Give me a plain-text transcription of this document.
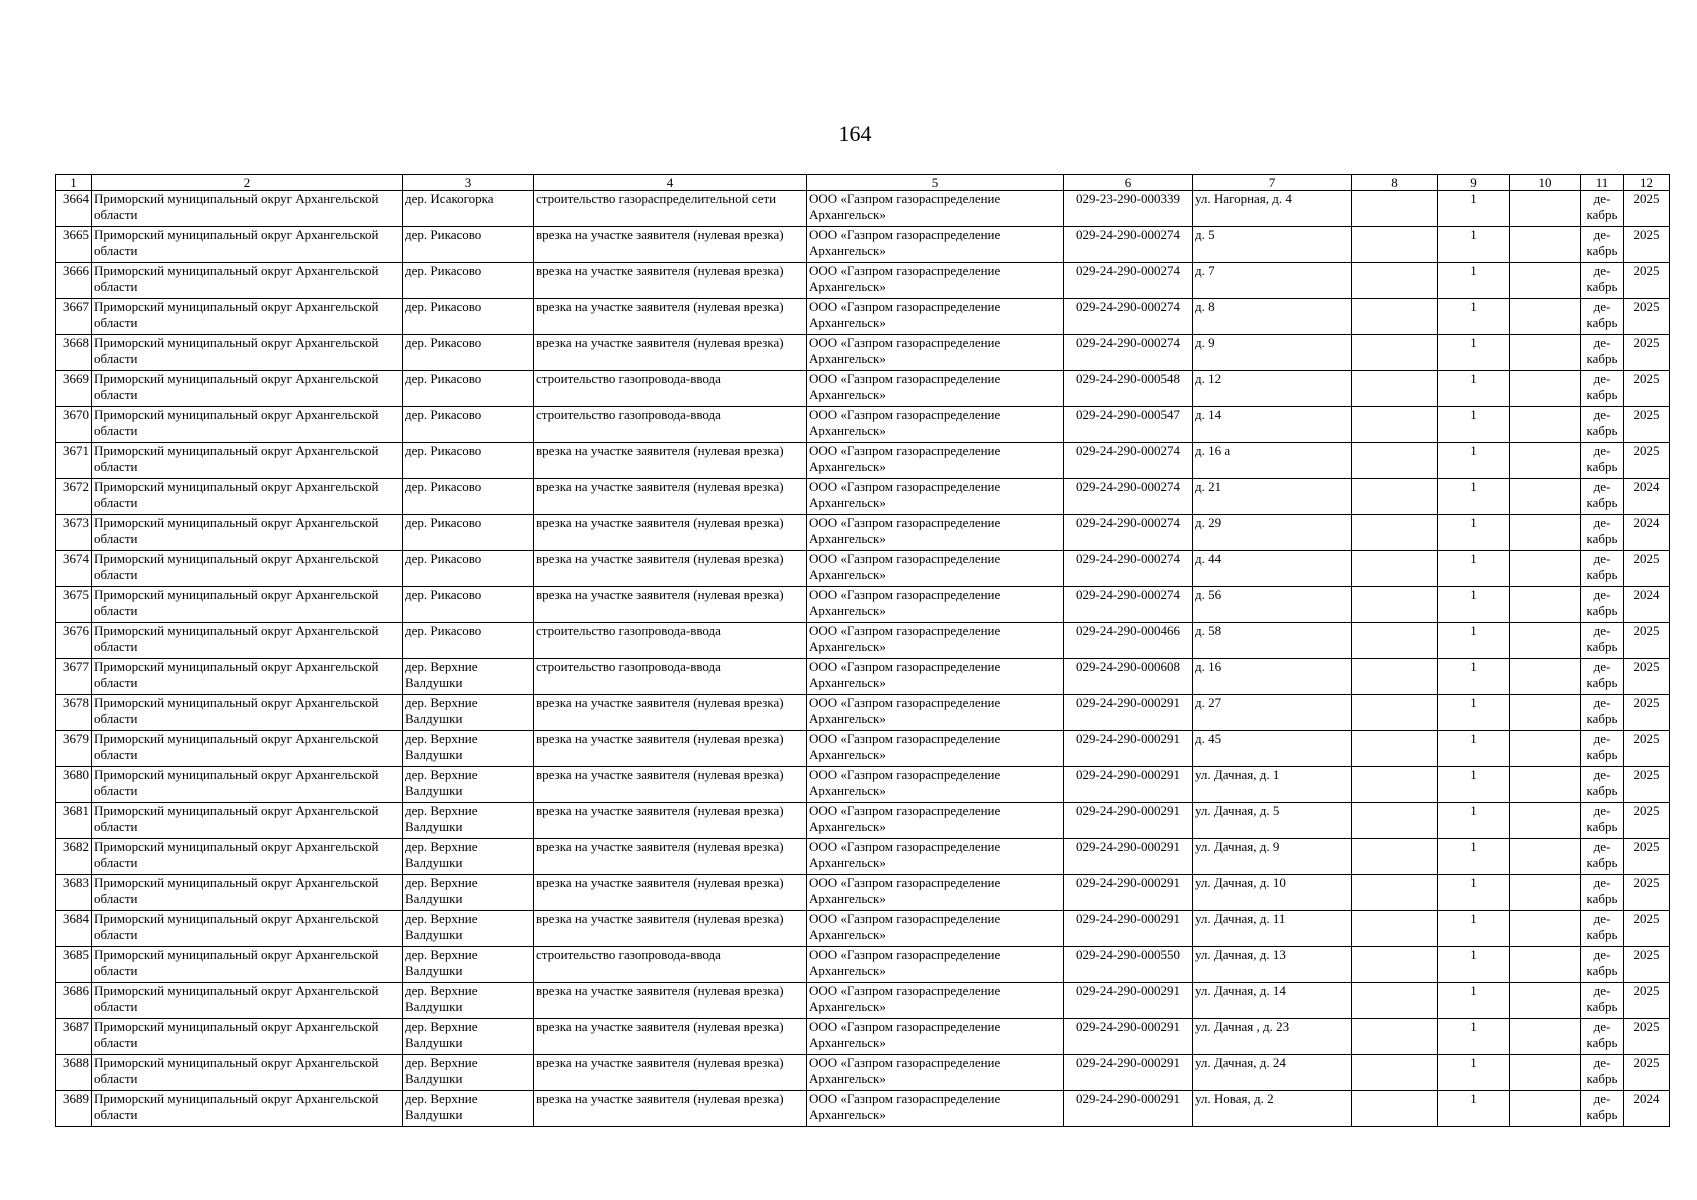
164
1	2	3	4	5	6	7	8	9	10	11	12
3664	Приморский муниципальный округ Архангельской области	дер. Исакогорка	строительство газораспределительной сети	ООО «Газпром газораспределение Архангельск»	029-23-290-000339	ул. Нагорная, д. 4		1		де-кабрь	2025
3665	Приморский муниципальный округ Архангельской области	дер. Рикасово	врезка на участке заявителя (нулевая врезка)	ООО «Газпром газораспределение Архангельск»	029-24-290-000274	д. 5		1		де-кабрь	2025
3666	Приморский муниципальный округ Архангельской области	дер. Рикасово	врезка на участке заявителя (нулевая врезка)	ООО «Газпром газораспределение Архангельск»	029-24-290-000274	д. 7		1		де-кабрь	2025
3667	Приморский муниципальный округ Архангельской области	дер. Рикасово	врезка на участке заявителя (нулевая врезка)	ООО «Газпром газораспределение Архангельск»	029-24-290-000274	д. 8		1		де-кабрь	2025
3668	Приморский муниципальный округ Архангельской области	дер. Рикасово	врезка на участке заявителя (нулевая врезка)	ООО «Газпром газораспределение Архангельск»	029-24-290-000274	д. 9		1		де-кабрь	2025
3669	Приморский муниципальный округ Архангельской области	дер. Рикасово	строительство газопровода-ввода	ООО «Газпром газораспределение Архангельск»	029-24-290-000548	д. 12		1		де-кабрь	2025
3670	Приморский муниципальный округ Архангельской области	дер. Рикасово	строительство газопровода-ввода	ООО «Газпром газораспределение Архангельск»	029-24-290-000547	д. 14		1		де-кабрь	2025
3671	Приморский муниципальный округ Архангельской области	дер. Рикасово	врезка на участке заявителя (нулевая врезка)	ООО «Газпром газораспределение Архангельск»	029-24-290-000274	д. 16 а		1		де-кабрь	2025
3672	Приморский муниципальный округ Архангельской области	дер. Рикасово	врезка на участке заявителя (нулевая врезка)	ООО «Газпром газораспределение Архангельск»	029-24-290-000274	д. 21		1		де-кабрь	2024
3673	Приморский муниципальный округ Архангельской области	дер. Рикасово	врезка на участке заявителя (нулевая врезка)	ООО «Газпром газораспределение Архангельск»	029-24-290-000274	д. 29		1		де-кабрь	2024
3674	Приморский муниципальный округ Архангельской области	дер. Рикасово	врезка на участке заявителя (нулевая врезка)	ООО «Газпром газораспределение Архангельск»	029-24-290-000274	д. 44		1		де-кабрь	2025
3675	Приморский муниципальный округ Архангельской области	дер. Рикасово	врезка на участке заявителя (нулевая врезка)	ООО «Газпром газораспределение Архангельск»	029-24-290-000274	д. 56		1		де-кабрь	2024
3676	Приморский муниципальный округ Архангельской области	дер. Рикасово	строительство газопровода-ввода	ООО «Газпром газораспределение Архангельск»	029-24-290-000466	д. 58		1		де-кабрь	2025
3677	Приморский муниципальный округ Архангельской области	дер. Верхние Валдушки	строительство газопровода-ввода	ООО «Газпром газораспределение Архангельск»	029-24-290-000608	д. 16		1		де-кабрь	2025
3678	Приморский муниципальный округ Архангельской области	дер. Верхние Валдушки	врезка на участке заявителя (нулевая врезка)	ООО «Газпром газораспределение Архангельск»	029-24-290-000291	д. 27		1		де-кабрь	2025
3679	Приморский муниципальный округ Архангельской области	дер. Верхние Валдушки	врезка на участке заявителя (нулевая врезка)	ООО «Газпром газораспределение Архангельск»	029-24-290-000291	д. 45		1		де-кабрь	2025
3680	Приморский муниципальный округ Архангельской области	дер. Верхние Валдушки	врезка на участке заявителя (нулевая врезка)	ООО «Газпром газораспределение Архангельск»	029-24-290-000291	ул. Дачная, д. 1		1		де-кабрь	2025
3681	Приморский муниципальный округ Архангельской области	дер. Верхние Валдушки	врезка на участке заявителя (нулевая врезка)	ООО «Газпром газораспределение Архангельск»	029-24-290-000291	ул. Дачная, д. 5		1		де-кабрь	2025
3682	Приморский муниципальный округ Архангельской области	дер. Верхние Валдушки	врезка на участке заявителя (нулевая врезка)	ООО «Газпром газораспределение Архангельск»	029-24-290-000291	ул. Дачная, д. 9		1		де-кабрь	2025
3683	Приморский муниципальный округ Архангельской области	дер. Верхние Валдушки	врезка на участке заявителя (нулевая врезка)	ООО «Газпром газораспределение Архангельск»	029-24-290-000291	ул. Дачная, д. 10		1		де-кабрь	2025
3684	Приморский муниципальный округ Архангельской области	дер. Верхние Валдушки	врезка на участке заявителя (нулевая врезка)	ООО «Газпром газораспределение Архангельск»	029-24-290-000291	ул. Дачная, д. 11		1		де-кабрь	2025
3685	Приморский муниципальный округ Архангельской области	дер. Верхние Валдушки	строительство газопровода-ввода	ООО «Газпром газораспределение Архангельск»	029-24-290-000550	ул. Дачная, д. 13		1		де-кабрь	2025
3686	Приморский муниципальный округ Архангельской области	дер. Верхние Валдушки	врезка на участке заявителя (нулевая врезка)	ООО «Газпром газораспределение Архангельск»	029-24-290-000291	ул. Дачная, д. 14		1		де-кабрь	2025
3687	Приморский муниципальный округ Архангельской области	дер. Верхние Валдушки	врезка на участке заявителя (нулевая врезка)	ООО «Газпром газораспределение Архангельск»	029-24-290-000291	ул. Дачная , д. 23		1		де-кабрь	2025
3688	Приморский муниципальный округ Архангельской области	дер. Верхние Валдушки	врезка на участке заявителя (нулевая врезка)	ООО «Газпром газораспределение Архангельск»	029-24-290-000291	ул. Дачная, д. 24		1		де-кабрь	2025
3689	Приморский муниципальный округ Архангельской области	дер. Верхние Валдушки	врезка на участке заявителя (нулевая врезка)	ООО «Газпром газораспределение Архангельск»	029-24-290-000291	ул. Новая, д. 2		1		де-кабрь	2024
